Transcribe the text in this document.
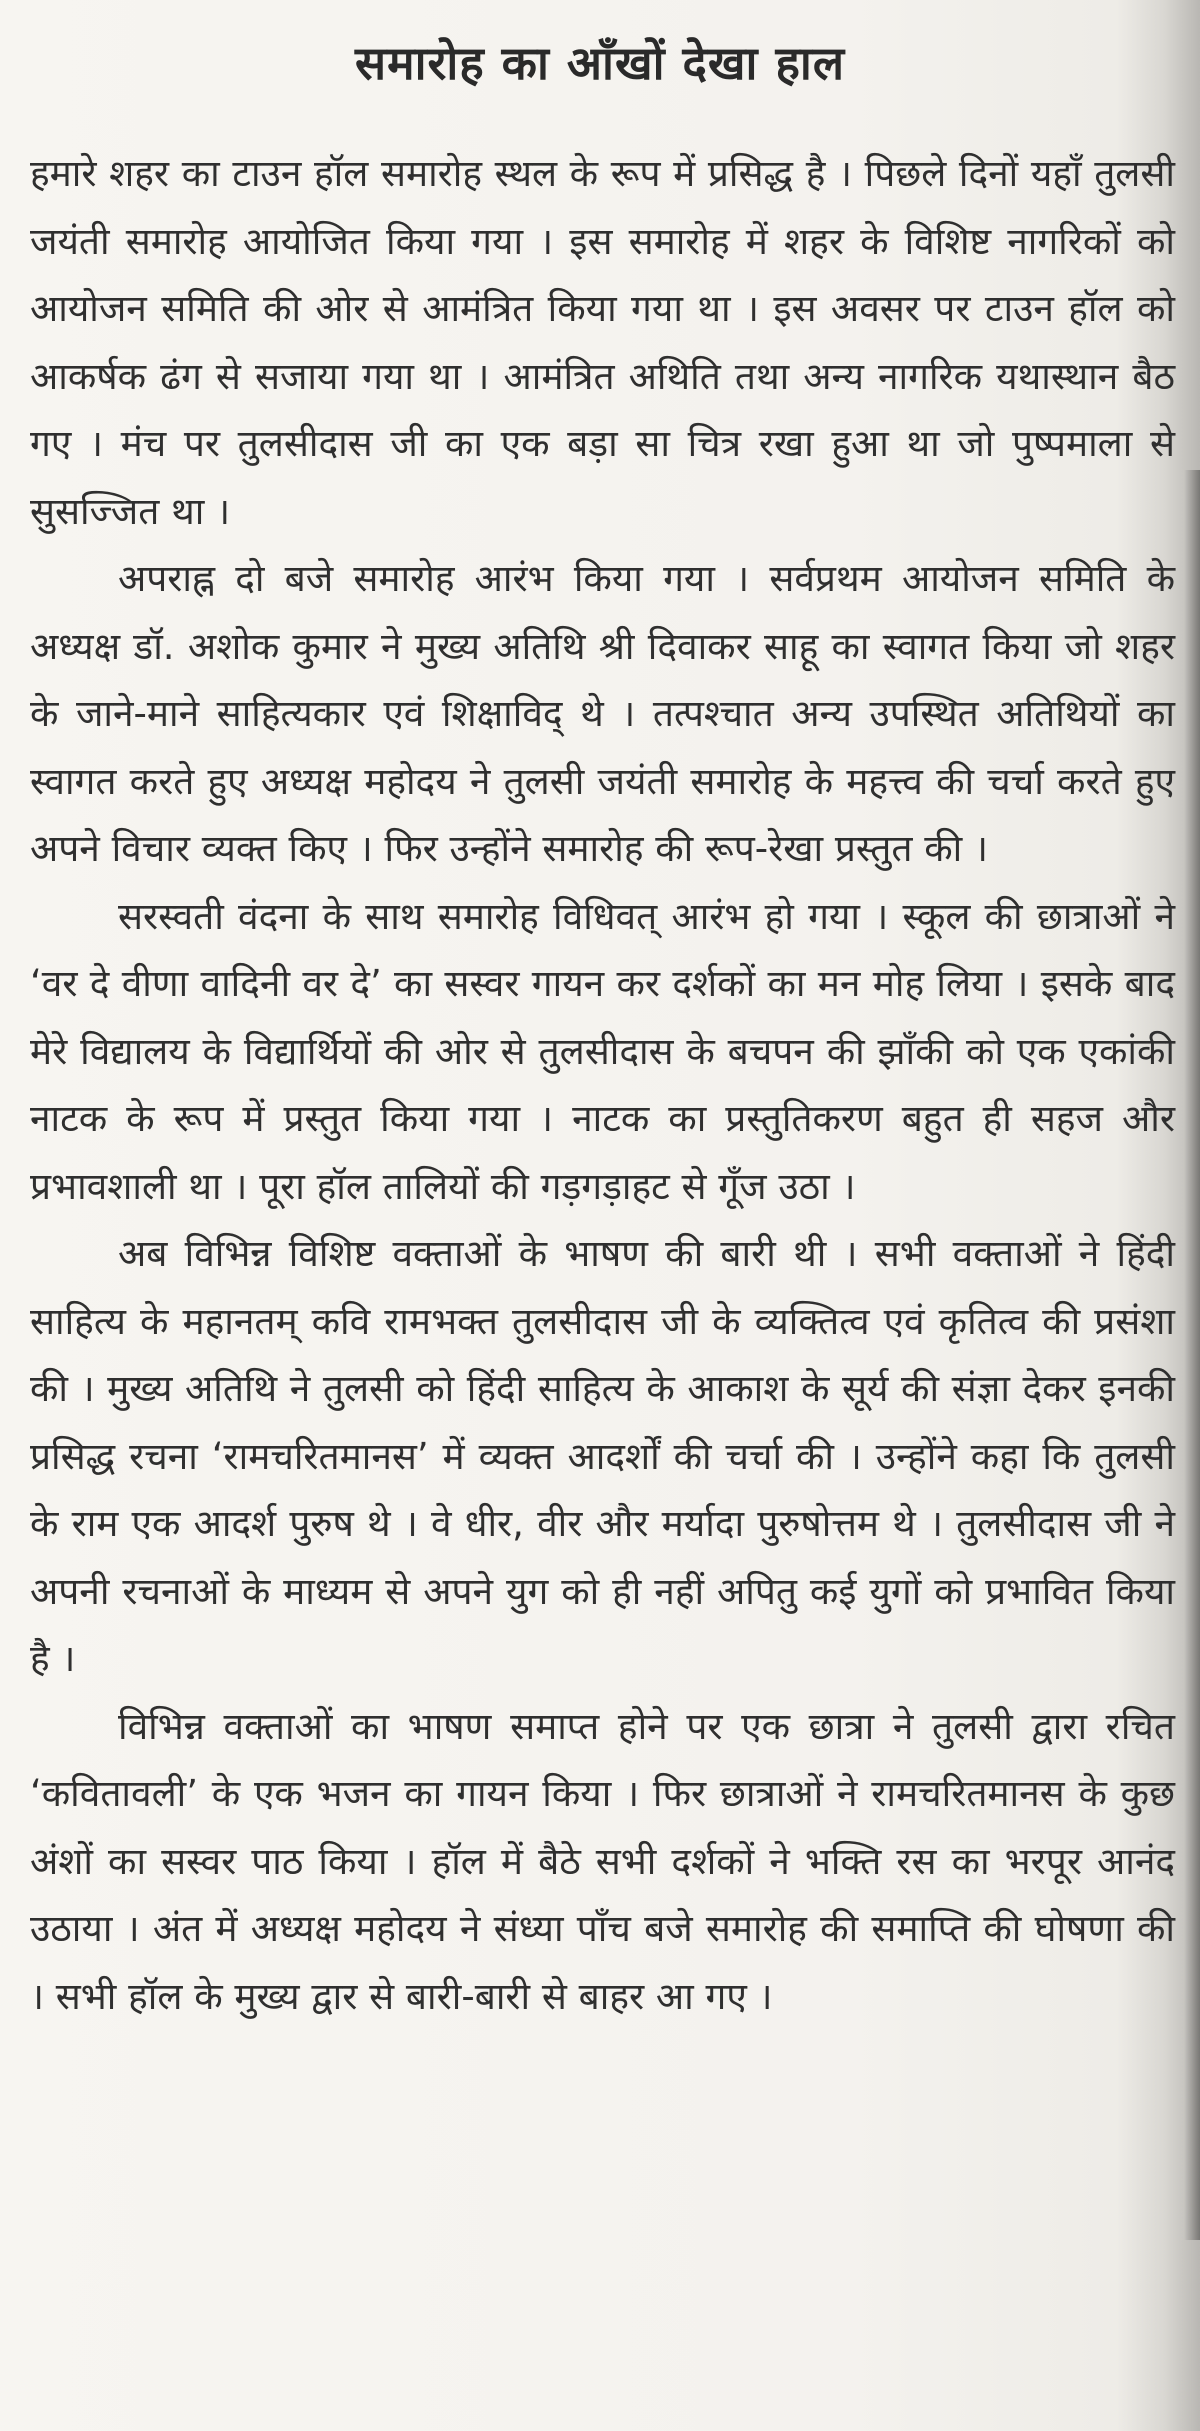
समारोह का आँखों देखा हाल

हमारे शहर का टाउन हॉल समारोह स्थल के रूप में प्रसिद्ध है । पिछले दिनों यहाँ तुलसी जयंती समारोह आयोजित किया गया । इस समारोह में शहर के विशिष्ट नागरिकों को आयोजन समिति की ओर से आमंत्रित किया गया था । इस अवसर पर टाउन हॉल को आकर्षक ढंग से सजाया गया था । आमंत्रित अथिति तथा अन्य नागरिक यथास्थान बैठ गए । मंच पर तुलसीदास जी का एक बड़ा सा चित्र रखा हुआ था जो पुष्पमाला से सुसज्जित था ।

अपराह्न दो बजे समारोह आरंभ किया गया । सर्वप्रथम आयोजन समिति के अध्यक्ष डॉ. अशोक कुमार ने मुख्य अतिथि श्री दिवाकर साहू का स्वागत किया जो शहर के जाने-माने साहित्यकार एवं शिक्षाविद् थे । तत्पश्चात अन्य उपस्थित अतिथियों का स्वागत करते हुए अध्यक्ष महोदय ने तुलसी जयंती समारोह के महत्त्व की चर्चा करते हुए अपने विचार व्यक्त किए । फिर उन्होंने समारोह की रूप-रेखा प्रस्तुत की ।

सरस्वती वंदना के साथ समारोह विधिवत् आरंभ हो गया । स्कूल की छात्राओं ने ‘वर दे वीणा वादिनी वर दे’ का सस्वर गायन कर दर्शकों का मन मोह लिया । इसके बाद मेरे विद्यालय के विद्यार्थियों की ओर से तुलसीदास के बचपन की झाँकी को एक एकांकी नाटक के रूप में प्रस्तुत किया गया । नाटक का प्रस्तुतिकरण बहुत ही सहज और प्रभावशाली था । पूरा हॉल तालियों की गड़गड़ाहट से गूँज उठा ।

अब विभिन्न विशिष्ट वक्ताओं के भाषण की बारी थी । सभी वक्ताओं ने हिंदी साहित्य के महानतम् कवि रामभक्त तुलसीदास जी के व्यक्तित्व एवं कृतित्व की प्रसंशा की । मुख्य अतिथि ने तुलसी को हिंदी साहित्य के आकाश के सूर्य की संज्ञा देकर इनकी प्रसिद्ध रचना ‘रामचरितमानस’ में व्यक्त आदर्शों की चर्चा की । उन्होंने कहा कि तुलसी के राम एक आदर्श पुरुष थे । वे धीर, वीर और मर्यादा पुरुषोत्तम थे । तुलसीदास जी ने अपनी रचनाओं के माध्यम से अपने युग को ही नहीं अपितु कई युगों को प्रभावित किया है ।

विभिन्न वक्ताओं का भाषण समाप्त होने पर एक छात्रा ने तुलसी द्वारा रचित ‘कवितावली’ के एक भजन का गायन किया । फिर छात्राओं ने रामचरितमानस के कुछ अंशों का सस्वर पाठ किया । हॉल में बैठे सभी दर्शकों ने भक्ति रस का भरपूर आनंद उठाया । अंत में अध्यक्ष महोदय ने संध्या पाँच बजे समारोह की समाप्ति की घोषणा की । सभी हॉल के मुख्य द्वार से बारी-बारी से बाहर आ गए ।
